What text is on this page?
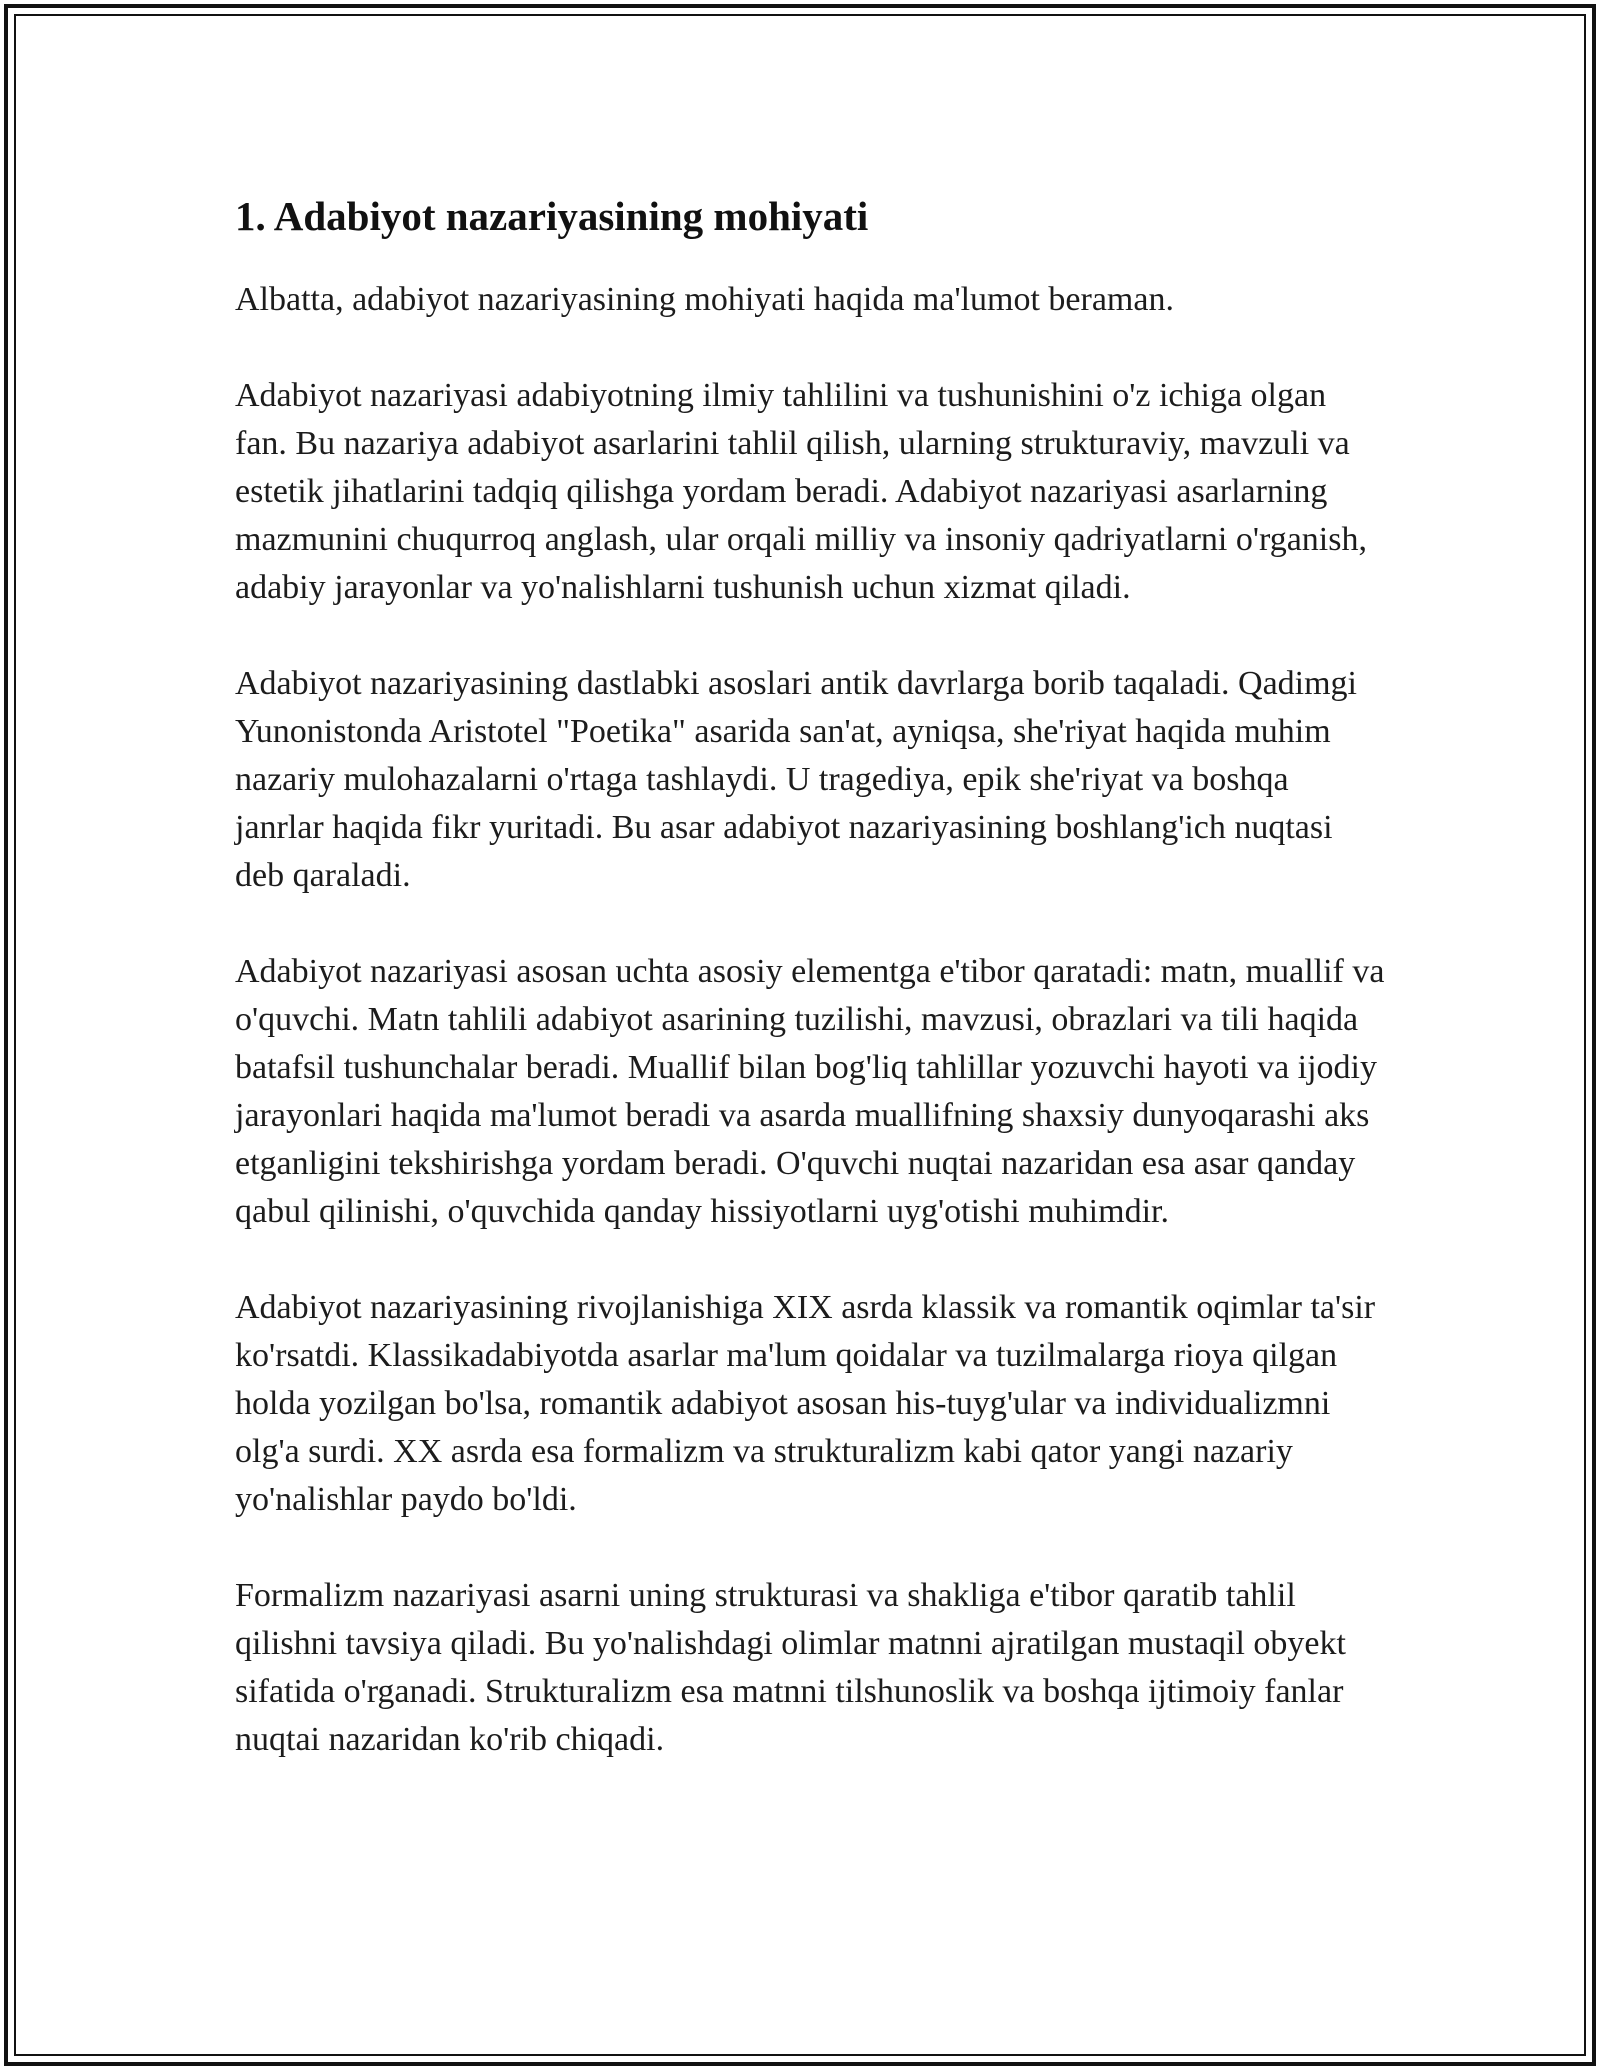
1. Adabiyot nazariyasining mohiyati

Albatta, adabiyot nazariyasining mohiyati haqida ma'lumot beraman.

Adabiyot nazariyasi adabiyotning ilmiy tahlilini va tushunishini o'z ichiga olgan fan. Bu nazariya adabiyot asarlarini tahlil qilish, ularning strukturaviy, mavzuli va estetik jihatlarini tadqiq qilishga yordam beradi. Adabiyot nazariyasi asarlarning mazmunini chuqurroq anglash, ular orqali milliy va insoniy qadriyatlarni o'rganish, adabiy jarayonlar va yo'nalishlarni tushunish uchun xizmat qiladi.

Adabiyot nazariyasining dastlabki asoslari antik davrlarga borib taqaladi. Qadimgi Yunonistonda Aristotel "Poetika" asarida san'at, ayniqsa, she'riyat haqida muhim nazariy mulohazalarni o'rtaga tashlaydi. U tragediya, epik she'riyat va boshqa janrlar haqida fikr yuritadi. Bu asar adabiyot nazariyasining boshlang'ich nuqtasi deb qaraladi.

Adabiyot nazariyasi asosan uchta asosiy elementga e'tibor qaratadi: matn, muallif va o'quvchi. Matn tahlili adabiyot asarining tuzilishi, mavzusi, obrazlari va tili haqida batafsil tushunchalar beradi. Muallif bilan bog'liq tahlillar yozuvchi hayoti va ijodiy jarayonlari haqida ma'lumot beradi va asarda muallifning shaxsiy dunyoqarashi aks etganligini tekshirishga yordam beradi. O'quvchi nuqtai nazaridan esa asar qanday qabul qilinishi, o'quvchida qanday hissiyotlarni uyg'otishi muhimdir.

Adabiyot nazariyasining rivojlanishiga XIX asrda klassik va romantik oqimlar ta'sir ko'rsatdi. Klassikadabiyotda asarlar ma'lum qoidalar va tuzilmalarga rioya qilgan holda yozilgan bo'lsa, romantik adabiyot asosan his-tuyg'ular va individualizmni olg'a surdi. XX asrda esa formalizm va strukturalizm kabi qator yangi nazariy yo'nalishlar paydo bo'ldi.

Formalizm nazariyasi asarni uning strukturasi va shakliga e'tibor qaratib tahlil qilishni tavsiya qiladi. Bu yo'nalishdagi olimlar matnni ajratilgan mustaqil obyekt sifatida o'rganadi. Strukturalizm esa matnni tilshunoslik va boshqa ijtimoiy fanlar nuqtai nazaridan ko'rib chiqadi.
